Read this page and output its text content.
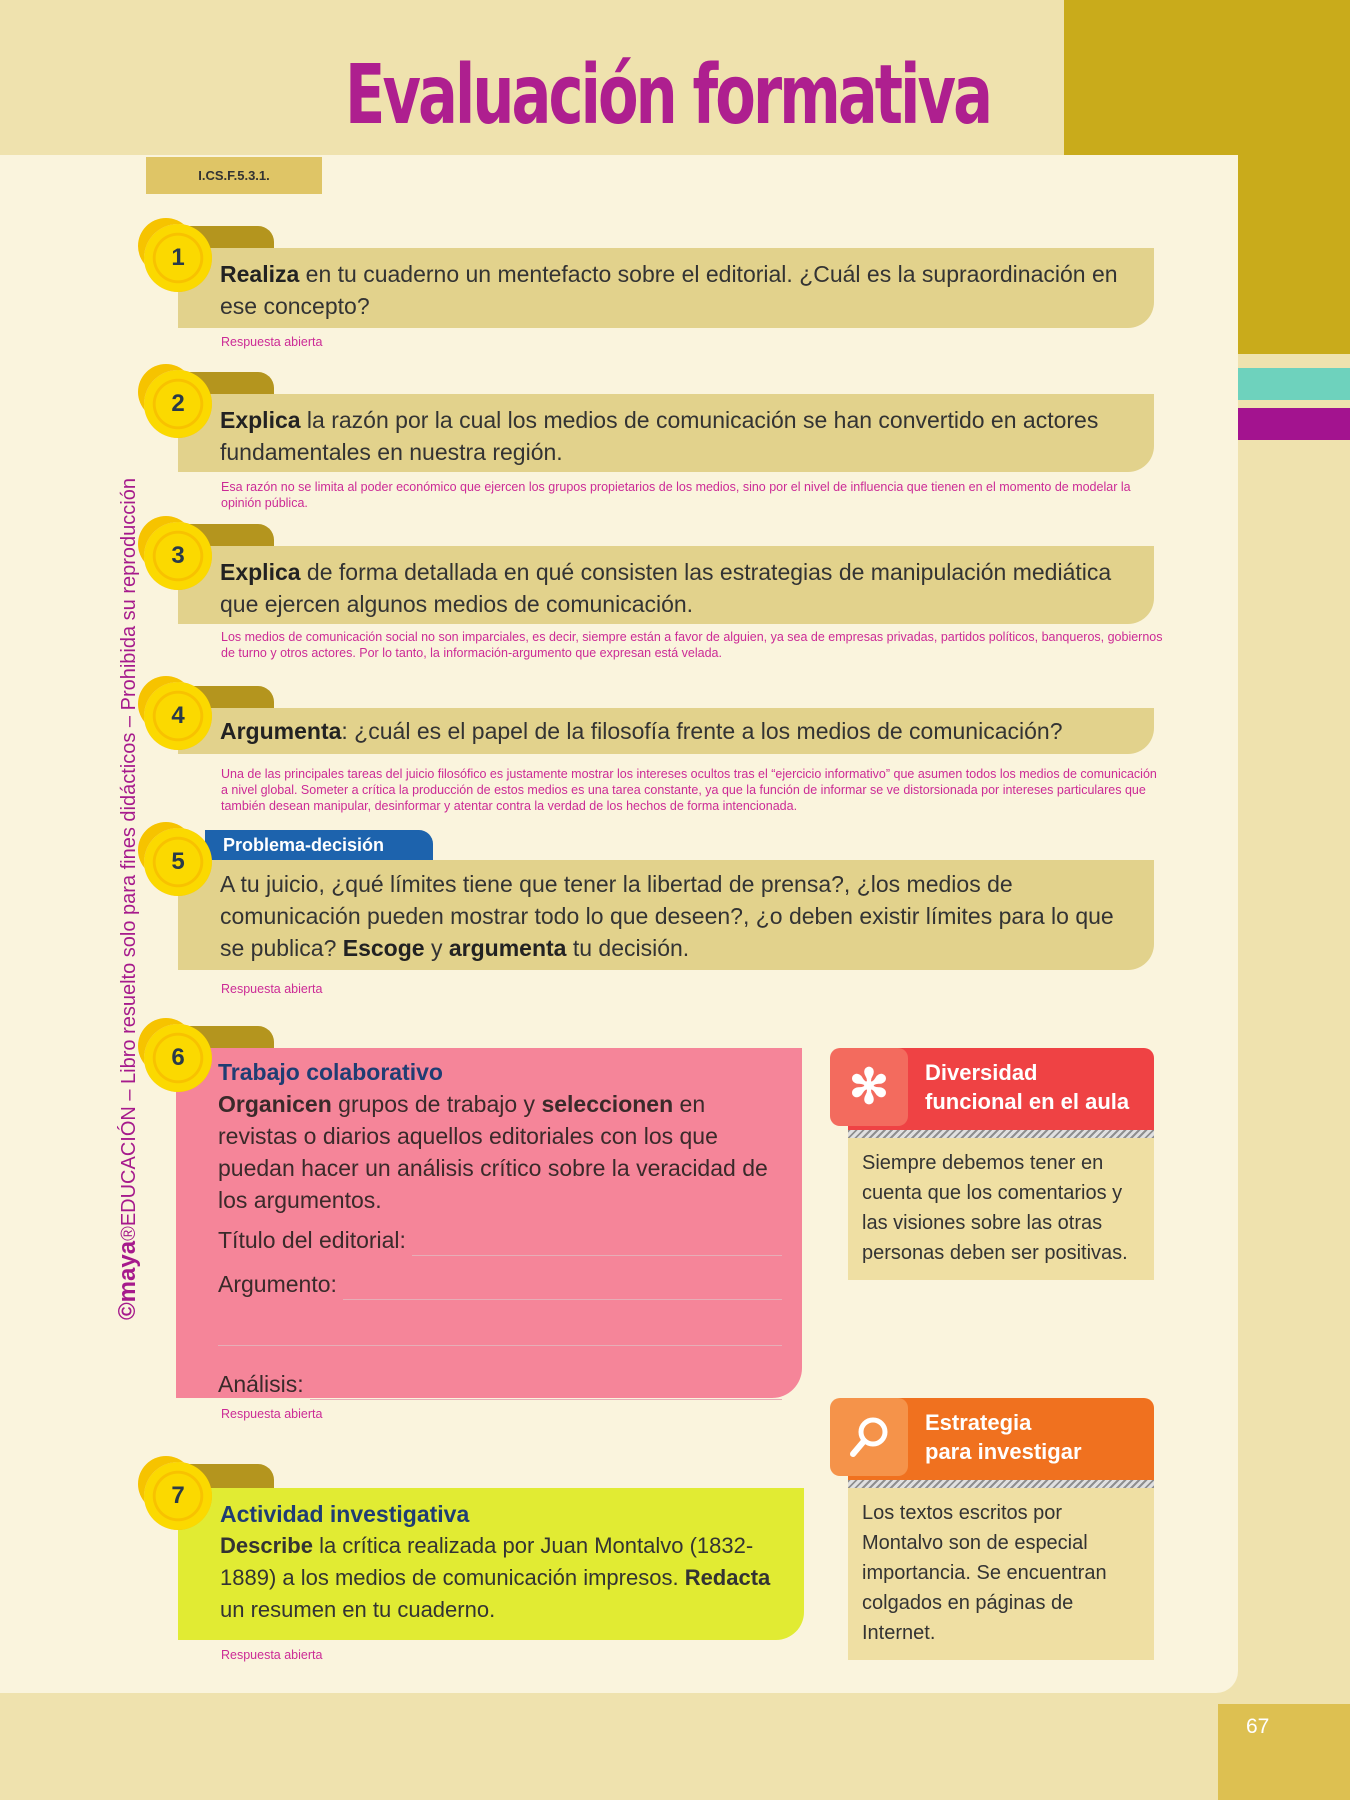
Evaluación formativa
I.CS.F.5.3.1.
©maya®EDUCACIÓN – Libro resuelto solo para fines didácticos – Prohibida su reproducción
Realiza en tu cuaderno un mentefacto sobre el editorial. ¿Cuál es la supraordinación en ese concepto?
1
Respuesta abierta
Explica la razón por la cual los medios de comunicación se han convertido en actores fundamentales en nuestra región.
2
Esa razón no se limita al poder económico que ejercen los grupos propietarios de los medios, sino por el nivel de influencia que tienen en el momento de modelar la opinión pública.
Explica de forma detallada en qué consisten las estrategias de manipulación mediática que ejercen algunos medios de comunicación.
3
Los medios de comunicación social no son imparciales, es decir, siempre están a favor de alguien, ya sea de empresas privadas, partidos políticos, banqueros, gobiernos de turno y otros actores. Por lo tanto, la información-argumento que expresan está velada.
Argumenta: ¿cuál es el papel de la filosofía frente a los medios de comunicación?
4
Una de las principales tareas del juicio filosófico es justamente mostrar los intereses ocultos tras el “ejercicio informativo” que asumen todos los medios de comunicación a nivel global. Someter a crítica la producción de estos medios es una tarea constante, ya que la función de informar se ve distorsionada por intereses particulares que también desean manipular, desinformar y atentar contra la verdad de los hechos de forma intencionada.
Problema-decisión
A tu juicio, ¿qué límites tiene que tener la libertad de prensa?, ¿los medios de comunicación pueden mostrar todo lo que deseen?, ¿o deben existir límites para lo que se publica? Escoge y argumenta tu decisión.
5
Respuesta abierta
Trabajo colaborativo
Organicen grupos de trabajo y seleccionen en revistas o diarios aquellos editoriales con los que puedan hacer un análisis crítico sobre la veracidad de los argumentos.
Título del editorial:
Argumento:
Análisis:
6
Respuesta abierta
Actividad investigativa
Describe la crítica realizada por Juan Montalvo (1832-1889) a los medios de comunicación impresos. Redacta un resumen en tu cuaderno.
7
Respuesta abierta
✻	Diversidad
funcional en el aula
Siempre debemos tener en cuenta que los comentarios y las visiones sobre las otras personas deben ser positivas.
Estrategia
para investigar
Los textos escritos por Montalvo son de especial importancia. Se encuentran colgados en páginas de Internet.
67
